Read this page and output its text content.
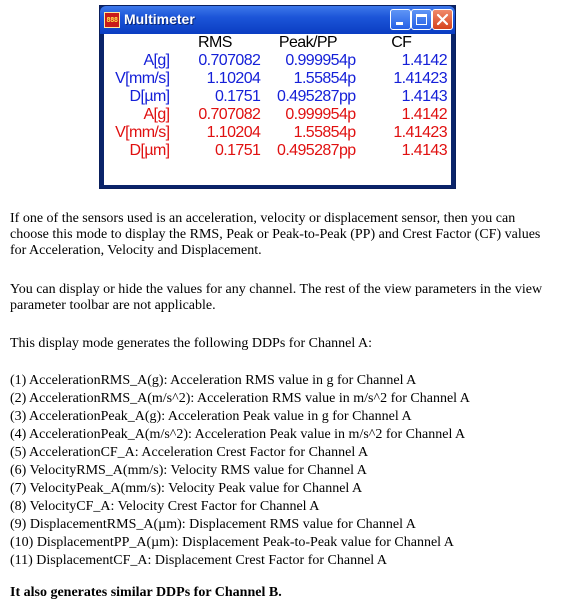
888 Multimeter
	RMS	Peak/PP	CF
A[g]	0.707082	0.999954p	1.4142
V[mm/s]	1.10204	1.55854p	1.41423
D[µm]	0.1751	0.495287pp	1.4143
A[g]	0.707082	0.999954p	1.4142
V[mm/s]	1.10204	1.55854p	1.41423
D[µm]	0.1751	0.495287pp	1.4143

If one of the sensors used is an acceleration, velocity or displacement sensor, then you can choose this mode to display the RMS, Peak or Peak-to-Peak (PP) and Crest Factor (CF) values for Acceleration, Velocity and Displacement.

You can display or hide the values for any channel. The rest of the view parameters in the view parameter toolbar are not applicable.

This display mode generates the following DDPs for Channel A:

(1) AccelerationRMS_A(g): Acceleration RMS value in g for Channel A
(2) AccelerationRMS_A(m/s^2): Acceleration RMS value in m/s^2 for Channel A
(3) AccelerationPeak_A(g): Acceleration Peak value in g for Channel A
(4) AccelerationPeak_A(m/s^2): Acceleration Peak value in m/s^2 for Channel A
(5) AccelerationCF_A: Acceleration Crest Factor for Channel A
(6) VelocityRMS_A(mm/s): Velocity RMS value for Channel A
(7) VelocityPeak_A(mm/s): Velocity Peak value for Channel A
(8) VelocityCF_A: Velocity Crest Factor for Channel A
(9) DisplacementRMS_A(µm): Displacement RMS value for Channel A
(10) DisplacementPP_A(µm): Displacement Peak-to-Peak value for Channel A
(11) DisplacementCF_A: Displacement Crest Factor for Channel A

It also generates similar DDPs for Channel B.
